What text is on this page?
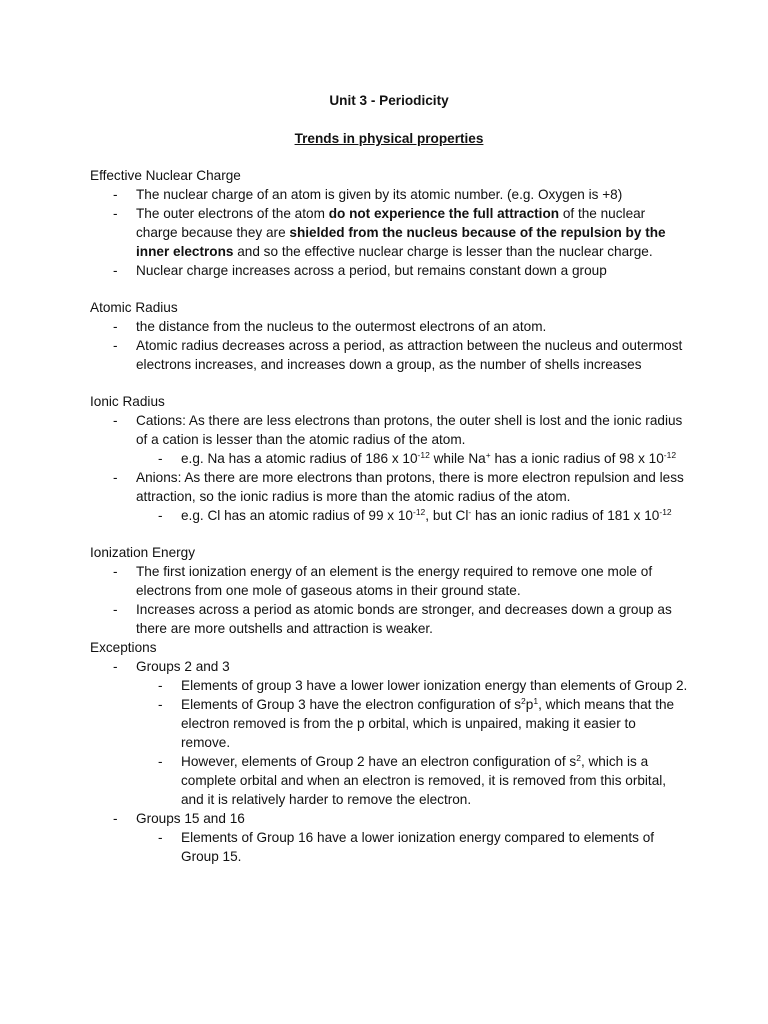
Unit 3 - Periodicity
Trends in physical properties
Effective Nuclear Charge
- The nuclear charge of an atom is given by its atomic number. (e.g. Oxygen is +8)
- The outer electrons of the atom do not experience the full attraction of the nuclear charge because they are shielded from the nucleus because of the repulsion by the inner electrons and so the effective nuclear charge is lesser than the nuclear charge.
- Nuclear charge increases across a period, but remains constant down a group
Atomic Radius
- the distance from the nucleus to the outermost electrons of an atom.
- Atomic radius decreases across a period, as attraction between the nucleus and outermost electrons increases, and increases down a group, as the number of shells increases
Ionic Radius
- Cations: As there are less electrons than protons, the outer shell is lost and the ionic radius of a cation is lesser than the atomic radius of the atom.
- e.g. Na has a atomic radius of 186 x $10^{-12}$ while Na+ has a ionic radius of 98 x $10^{-12}$
- Anions: As there are more electrons than protons, there is more electron repulsion and less attraction, so the ionic radius is more than the atomic radius of the atom.
- e.g. Cl has an atomic radius of 99 x $10^{-12}$, but Cl- has an ionic radius of 181 x $10^{-12}$
Ionization Energy
- The first ionization energy of an element is the energy required to remove one mole of electrons from one mole of gaseous atoms in their ground state.
- Increases across a period as atomic bonds are stronger, and decreases down a group as there are more outshells and attraction is weaker.
Exceptions
- Groups 2 and 3
- Elements of group 3 have a lower lower ionization energy than elements of Group 2.
- Elements of Group 3 have the electron configuration of $s^2p^1$, which means that the electron removed is from the p orbital, which is unpaired, making it easier to remove.
- However, elements of Group 2 have an electron configuration of $s^2$, which is a complete orbital and when an electron is removed, it is removed from this orbital, and it is relatively harder to remove the electron.
- Groups 15 and 16
- Elements of Group 16 have a lower ionization energy compared to elements of Group 15.
